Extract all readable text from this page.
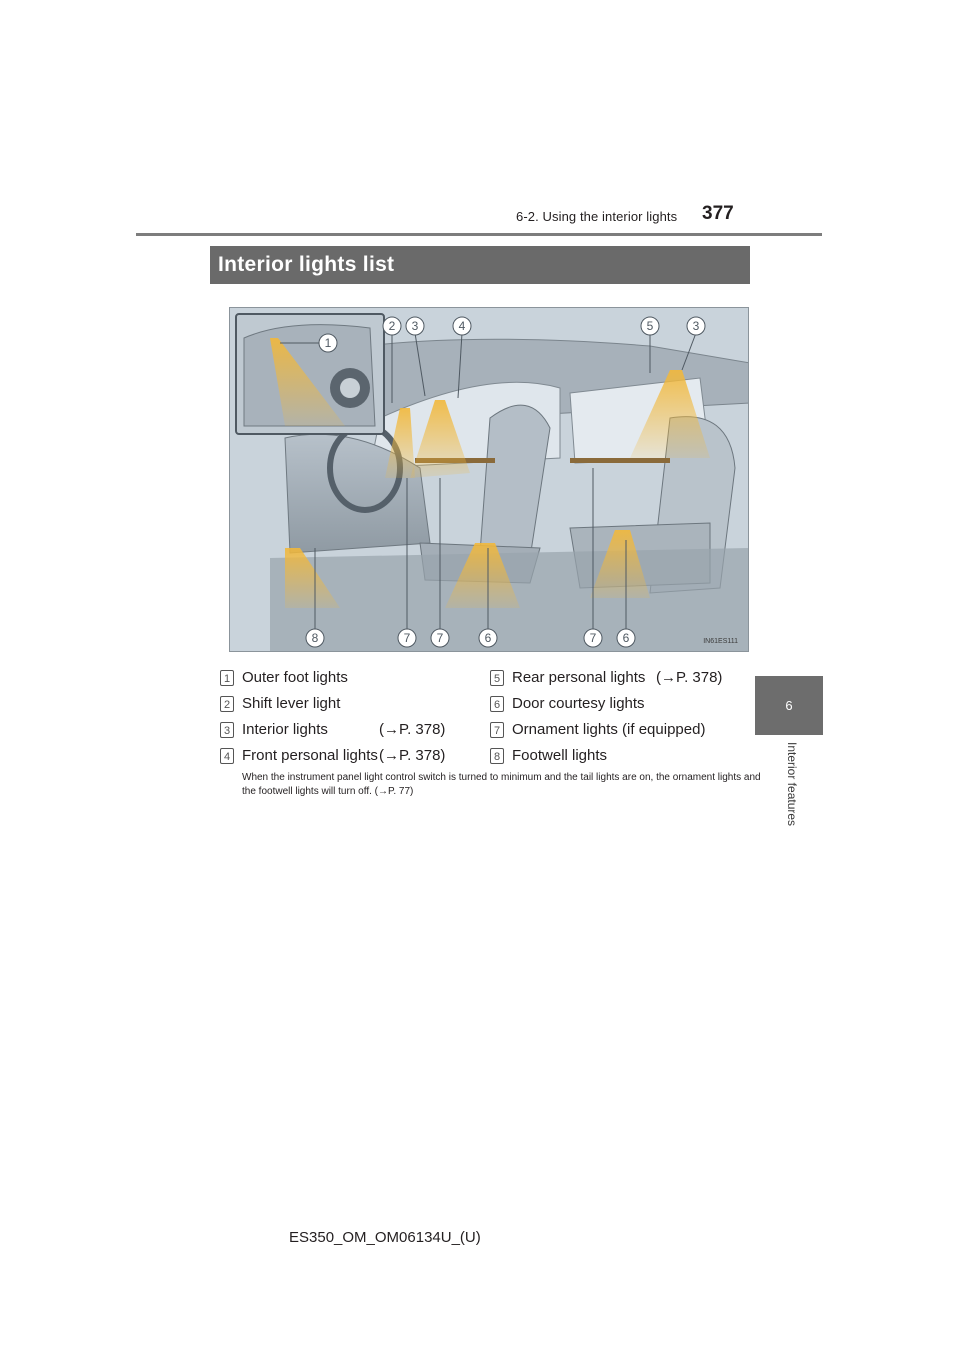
6-2. Using the interior lights 377
6
Interior features
Interior lights list
2 3	4	5	3
1
8	7 7	6	7 6	IN61ES111
1 Outer foot lights
2 Shift lever light
3 Interior lights	(→P. 378)
4 Front personal lights (→P. 378)
5 Rear personal lights (→P. 378)
6 Door courtesy lights
7 Ornament lights (if equipped)
8 Footwell lights
When the instrument panel light control switch is turned to minimum and the tail lights are on, the ornament lights and the footwell lights will turn off. (→P. 77)
ES350_OM_OM06134U_(U)
